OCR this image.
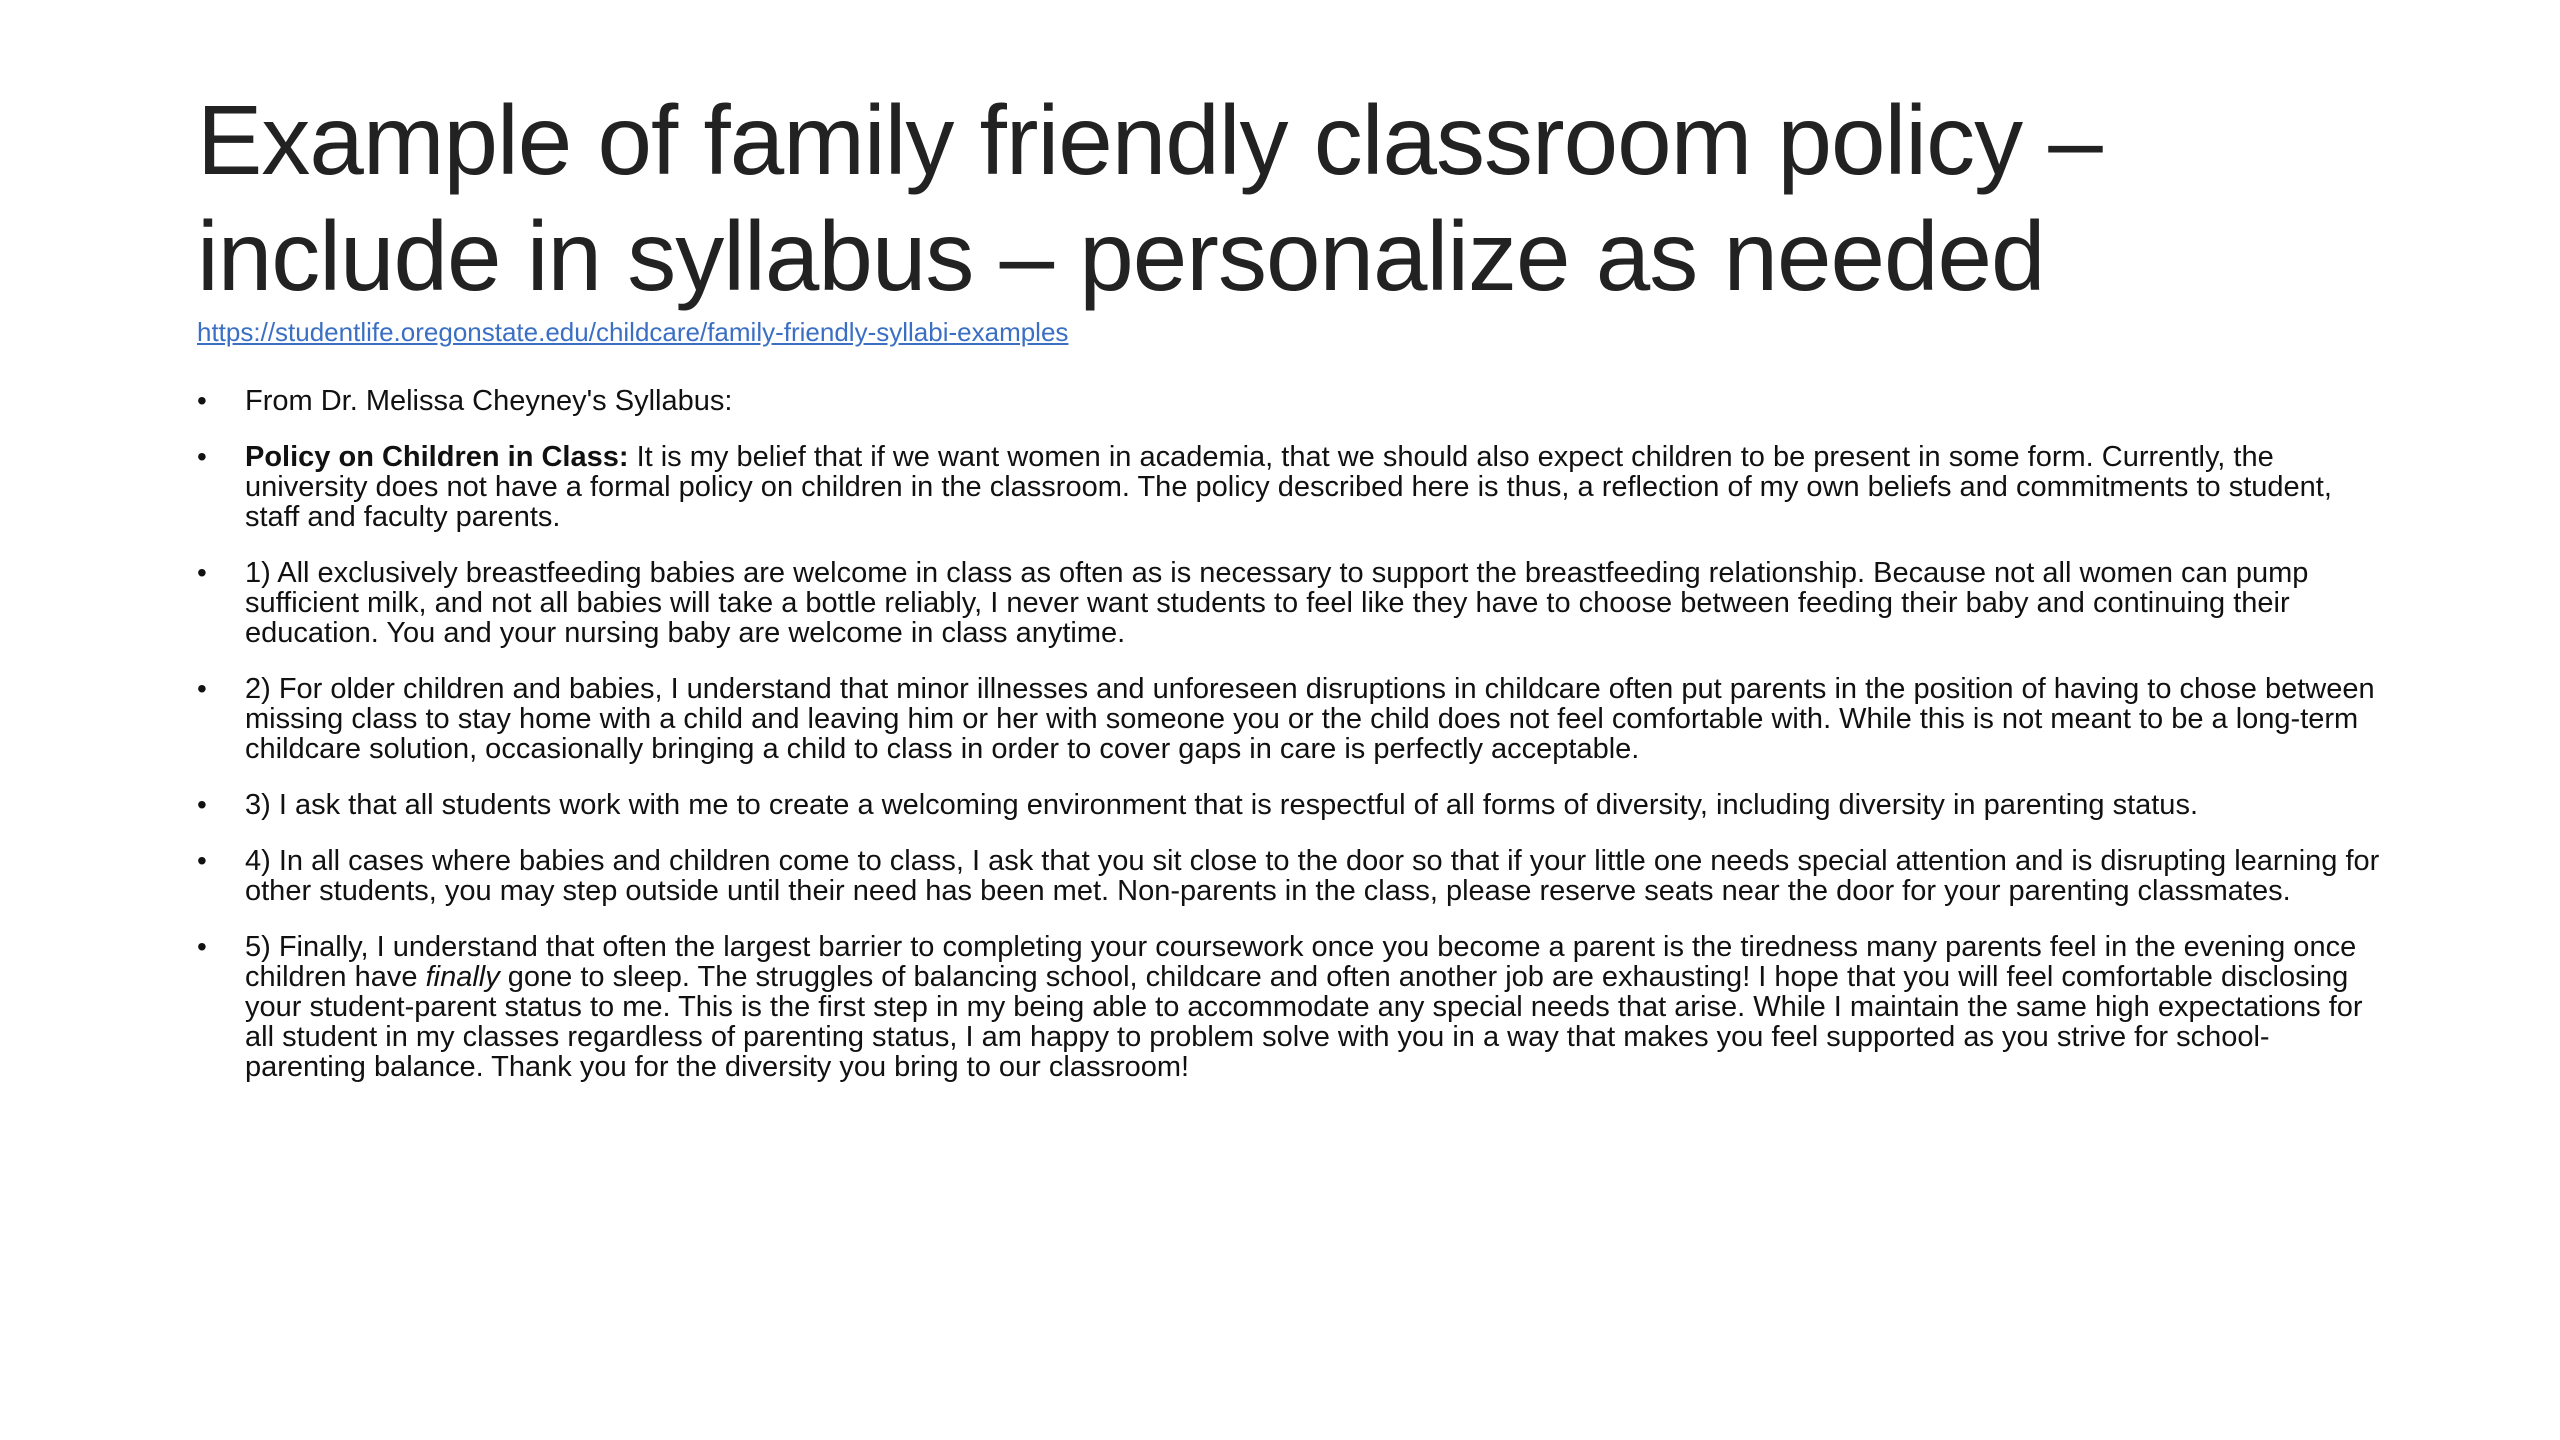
Example of family friendly classroom policy –
include in syllabus – personalize as needed
https://studentlife.oregonstate.edu/childcare/family-friendly-syllabi-examples
• From Dr. Melissa Cheyney's Syllabus:
• Policy on Children in Class: It is my belief that if we want women in academia, that we should also expect children to be present in some form. Currently, the university does not have a formal policy on children in the classroom. The policy described here is thus, a reflection of my own beliefs and commitments to student, staff and faculty parents.
• 1) All exclusively breastfeeding babies are welcome in class as often as is necessary to support the breastfeeding relationship. Because not all women can pump sufficient milk, and not all babies will take a bottle reliably, I never want students to feel like they have to choose between feeding their baby and continuing their education. You and your nursing baby are welcome in class anytime.
• 2) For older children and babies, I understand that minor illnesses and unforeseen disruptions in childcare often put parents in the position of having to chose between missing class to stay home with a child and leaving him or her with someone you or the child does not feel comfortable with. While this is not meant to be a long-term childcare solution, occasionally bringing a child to class in order to cover gaps in care is perfectly acceptable.
• 3) I ask that all students work with me to create a welcoming environment that is respectful of all forms of diversity, including diversity in parenting status.
• 4) In all cases where babies and children come to class, I ask that you sit close to the door so that if your little one needs special attention and is disrupting learning for other students, you may step outside until their need has been met. Non-parents in the class, please reserve seats near the door for your parenting classmates.
• 5) Finally, I understand that often the largest barrier to completing your coursework once you become a parent is the tiredness many parents feel in the evening once children have finally gone to sleep. The struggles of balancing school, childcare and often another job are exhausting! I hope that you will feel comfortable disclosing your student-parent status to me. This is the first step in my being able to accommodate any special needs that arise. While I maintain the same high expectations for all student in my classes regardless of parenting status, I am happy to problem solve with you in a way that makes you feel supported as you strive for school-parenting balance. Thank you for the diversity you bring to our classroom!
